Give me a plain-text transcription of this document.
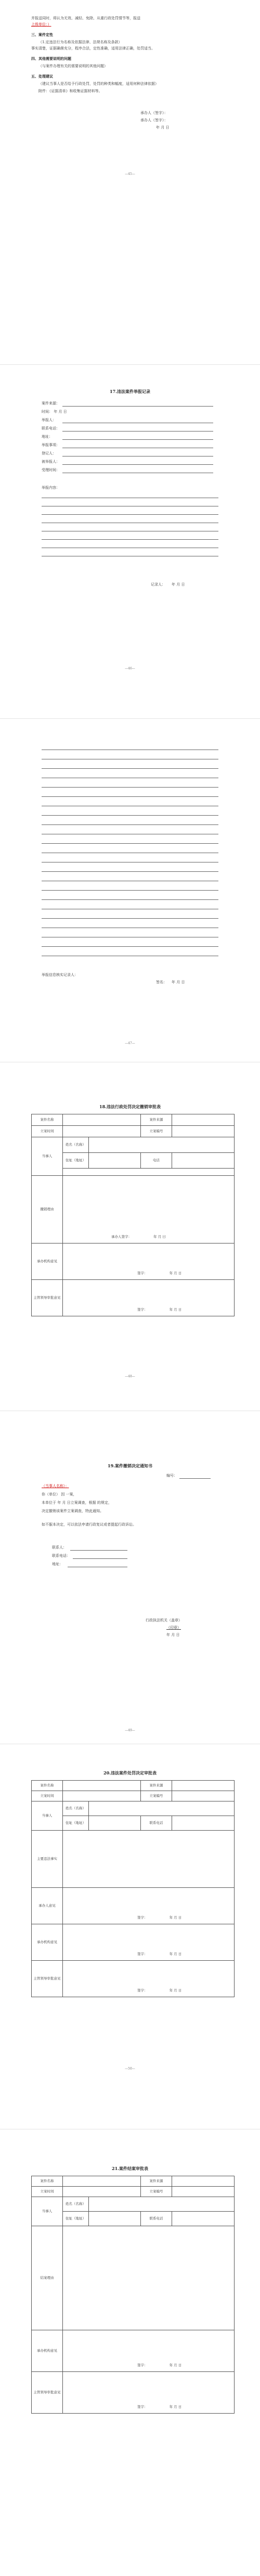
并报送同时，将认为无效、减轻、免除、从重行政处罚情节等，报送
上级单位：）
三、案件定性
（1.定违法行为名称及依据法律、法规名称及条款）
事实清楚，证据确凿充分，程序合法，定性准确，适用法律正确，处罚适当。
四、其他需要说明的问题
（与案件办理有关的需要说明的其他问题）
五、处理建议
（建议当事人是否给予行政处罚，处罚的种类和幅度，适用何种法律依据）
附件：《证据清单》和收集证据材料等。
承办人（签字）：
承办人（签字）：
年 月 日
—45—
17.违法案件举报记录
案件来源：
时间： 年 月 日
举报人：
联系电话：
地址：
举报事项：
登记人：
被举报人：
受理时间：
举报内容：
记录人： 年 月 日
—46—
举报信息核实记录人：
签名： 年 月 日
—47—
18.违法行政处罚决定撤销审批表
案件名称			案件来源	
立案时间			立案编号	
当事人	姓名（名称）			
	住址（地址）		电话	

撤销理由	承办人签字： 年 月 日			
承办机构意见	签字： 年 月 日			
主管领导审批意见	签字： 年 月 日			
—48—
19.案件撤销决定通知书
编号：
（当事人名称）：
你（单位） 因 一案，
本单位于 年 月 日立案调查，根据 的规定，
决定撤销该案件立案调查，特此通知。
如不服本决定，可以依法申请行政复议或者提起行政诉讼。
联系人：
联系电话：
地址：
行政执法机关（盖章）
（印章）
年 月 日
—49—
20.违法案件处罚决定审批表
案件名称			案件来源	
立案时间			立案编号	
当事人	姓名（名称）			
	住址（地址）		联系电话	
主要违法事实				
承办人意见	签字： 年 月 日			
承办机构意见	签字： 年 月 日			
主管领导审批意见	签字： 年 月 日			
—50—
21.案件结案审批表
案件名称			案件来源	
立案时间			立案编号	
当事人	姓名（名称）			
	住址（地址）		联系电话	
结案理由				
承办机构意见	签字： 年 月 日			
主管领导审批意见	签字： 年 月 日			
